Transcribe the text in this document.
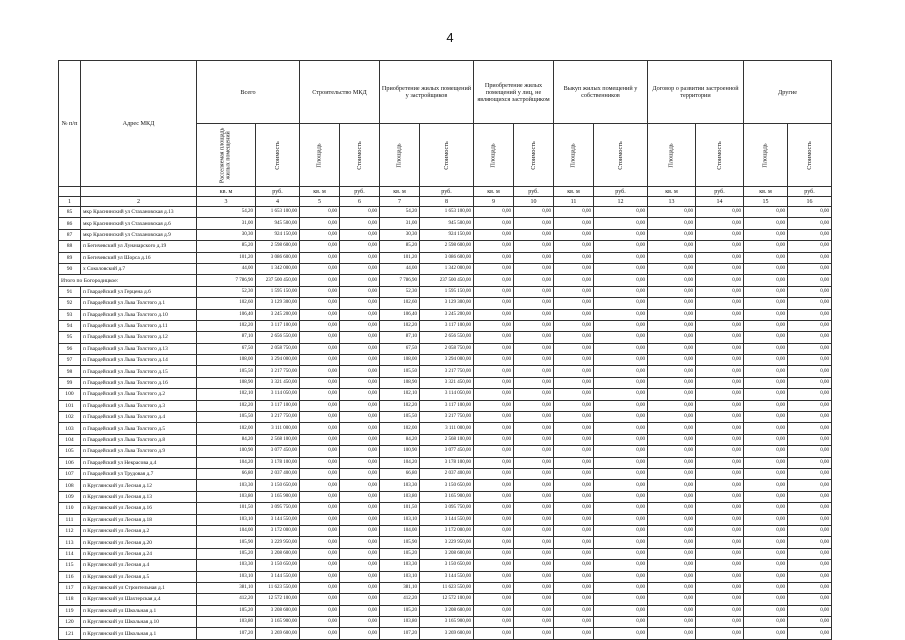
4
№ п/п	Адрес МКД	Всего		Строительство МКД		Приобретение жилых помещений у застройщиков		Приобретение жилых помещений у лиц, не являющихся застройщиком		Выкуп жилых помещений у собственников		Договор о развитии застроенной территории		Другие	
		Расселяемая площадь жилых помещений	Стоимость	Площадь	Стоимость	Площадь	Стоимость	Площадь	Стоимость	Площадь	Стоимость	Площадь	Стоимость	Площадь	Стоимость
		кв. м	руб.	кв. м	руб.	кв. м	руб.	кв. м	руб.	кв. м	руб.	кв. м	руб.	кв. м	руб.
1	2	3	4	5	6	7	8	9	10	11	12	13	14	15	16
85	мкр Краснинский ул Стахановская д.13	54,20	1 653 100,00	0,00	0,00	54,20	1 653 100,00	0,00	0,00	0,00	0,00	0,00	0,00	0,00	0,00
86	мкр Краснинский ул Стахановская д.6	31,00	945 500,00	0,00	0,00	31,00	945 500,00	0,00	0,00	0,00	0,00	0,00	0,00	0,00	0,00
87	мкр Краснинский ул Стахановская д.9	30,30	924 150,00	0,00	0,00	30,30	924 150,00	0,00	0,00	0,00	0,00	0,00	0,00	0,00	0,00
88	п Бегичевский ул Луначарского д.19	85,20	2 598 600,00	0,00	0,00	85,20	2 598 600,00	0,00	0,00	0,00	0,00	0,00	0,00	0,00	0,00
89	п Бегичевский ул Шорса д.16	101,20	3 086 600,00	0,00	0,00	101,20	3 086 600,00	0,00	0,00	0,00	0,00	0,00	0,00	0,00	0,00
90	х Соколовский д.7	44,00	1 342 000,00	0,00	0,00	44,00	1 342 000,00	0,00	0,00	0,00	0,00	0,00	0,00	0,00	0,00
Итого по Богородицкое:		7 786,90	237 500 450,00	0,00	0,00	7 786,90	237 500 450,00	0,00	0,00	0,00	0,00	0,00	0,00	0,00	0,00
91	п Гвардейский ул Герцена д.6	52,30	1 595 150,00	0,00	0,00	52,30	1 595 150,00	0,00	0,00	0,00	0,00	0,00	0,00	0,00	0,00
92	п Гвардейский ул Льва Толстого д.1	102,60	3 129 300,00	0,00	0,00	102,60	3 129 300,00	0,00	0,00	0,00	0,00	0,00	0,00	0,00	0,00
93	п Гвардейский ул Льва Толстого д.10	106,40	3 245 200,00	0,00	0,00	106,40	3 245 200,00	0,00	0,00	0,00	0,00	0,00	0,00	0,00	0,00
94	п Гвардейский ул Льва Толстого д.11	102,20	3 117 100,00	0,00	0,00	102,20	3 117 100,00	0,00	0,00	0,00	0,00	0,00	0,00	0,00	0,00
95	п Гвардейский ул Льва Толстого д.12	87,10	2 656 550,00	0,00	0,00	87,10	2 656 550,00	0,00	0,00	0,00	0,00	0,00	0,00	0,00	0,00
96	п Гвардейский ул Льва Толстого д.13	67,50	2 058 750,00	0,00	0,00	67,50	2 058 750,00	0,00	0,00	0,00	0,00	0,00	0,00	0,00	0,00
97	п Гвардейский ул Льва Толстого д.14	108,00	3 294 000,00	0,00	0,00	108,00	3 294 000,00	0,00	0,00	0,00	0,00	0,00	0,00	0,00	0,00
98	п Гвардейский ул Льва Толстого д.15	105,50	3 217 750,00	0,00	0,00	105,50	3 217 750,00	0,00	0,00	0,00	0,00	0,00	0,00	0,00	0,00
99	п Гвардейский ул Льва Толстого д.16	108,90	3 321 450,00	0,00	0,00	108,90	3 321 450,00	0,00	0,00	0,00	0,00	0,00	0,00	0,00	0,00
100	п Гвардейский ул Льва Толстого д.2	102,10	3 114 050,00	0,00	0,00	102,10	3 114 050,00	0,00	0,00	0,00	0,00	0,00	0,00	0,00	0,00
101	п Гвардейский ул Льва Толстого д.3	102,20	3 117 100,00	0,00	0,00	102,20	3 117 100,00	0,00	0,00	0,00	0,00	0,00	0,00	0,00	0,00
102	п Гвардейский ул Льва Толстого д.4	105,50	3 217 750,00	0,00	0,00	105,50	3 217 750,00	0,00	0,00	0,00	0,00	0,00	0,00	0,00	0,00
103	п Гвардейский ул Льва Толстого д.5	102,00	3 111 000,00	0,00	0,00	102,00	3 111 000,00	0,00	0,00	0,00	0,00	0,00	0,00	0,00	0,00
104	п Гвардейский ул Льва Толстого д.8	84,20	2 568 100,00	0,00	0,00	84,20	2 568 100,00	0,00	0,00	0,00	0,00	0,00	0,00	0,00	0,00
105	п Гвардейский ул Льва Толстого д.9	100,90	3 077 450,00	0,00	0,00	100,90	3 077 450,00	0,00	0,00	0,00	0,00	0,00	0,00	0,00	0,00
106	п Гвардейский ул Некрасова д.4	104,20	3 178 100,00	0,00	0,00	104,20	3 178 100,00	0,00	0,00	0,00	0,00	0,00	0,00	0,00	0,00
107	п Гвардейский ул Трудовая д.7	66,80	2 037 400,00	0,00	0,00	66,80	2 037 400,00	0,00	0,00	0,00	0,00	0,00	0,00	0,00	0,00
108	п Круглянский ул Лесная д.12	103,30	3 150 650,00	0,00	0,00	103,30	3 150 650,00	0,00	0,00	0,00	0,00	0,00	0,00	0,00	0,00
109	п Круглянский ул Лесная д.13	103,80	3 165 900,00	0,00	0,00	103,80	3 165 900,00	0,00	0,00	0,00	0,00	0,00	0,00	0,00	0,00
110	п Круглянский ул Лесная д.16	101,50	3 095 750,00	0,00	0,00	101,50	3 095 750,00	0,00	0,00	0,00	0,00	0,00	0,00	0,00	0,00
111	п Круглянский ул Лесная д.18	103,10	3 144 550,00	0,00	0,00	103,10	3 144 550,00	0,00	0,00	0,00	0,00	0,00	0,00	0,00	0,00
112	п Круглянский ул Лесная д.2	104,00	3 172 000,00	0,00	0,00	104,00	3 172 000,00	0,00	0,00	0,00	0,00	0,00	0,00	0,00	0,00
113	п Круглянский ул Лесная д.20	105,90	3 229 950,00	0,00	0,00	105,90	3 229 950,00	0,00	0,00	0,00	0,00	0,00	0,00	0,00	0,00
114	п Круглянский ул Лесная д.24	105,20	3 208 600,00	0,00	0,00	105,20	3 208 600,00	0,00	0,00	0,00	0,00	0,00	0,00	0,00	0,00
115	п Круглянский ул Лесная д.4	103,30	3 150 650,00	0,00	0,00	103,30	3 150 650,00	0,00	0,00	0,00	0,00	0,00	0,00	0,00	0,00
116	п Круглянский ул Лесная д.5	103,10	3 144 550,00	0,00	0,00	103,10	3 144 550,00	0,00	0,00	0,00	0,00	0,00	0,00	0,00	0,00
117	п Круглянский ул Строительная д.1	381,10	11 623 550,00	0,00	0,00	381,10	11 623 550,00	0,00	0,00	0,00	0,00	0,00	0,00	0,00	0,00
118	п Круглянский ул Шахтерская д.4	412,20	12 572 100,00	0,00	0,00	412,20	12 572 100,00	0,00	0,00	0,00	0,00	0,00	0,00	0,00	0,00
119	п Круглянский ул Школьная д.1	105,20	3 208 600,00	0,00	0,00	105,20	3 208 600,00	0,00	0,00	0,00	0,00	0,00	0,00	0,00	0,00
120	п Круглянский ул Школьная д.10	103,80	3 165 900,00	0,00	0,00	103,80	3 165 900,00	0,00	0,00	0,00	0,00	0,00	0,00	0,00	0,00
121	п Круглянский ул Школьная д.1	107,20	3 269 600,00	0,00	0,00	107,20	3 269 600,00	0,00	0,00	0,00	0,00	0,00	0,00	0,00	0,00
